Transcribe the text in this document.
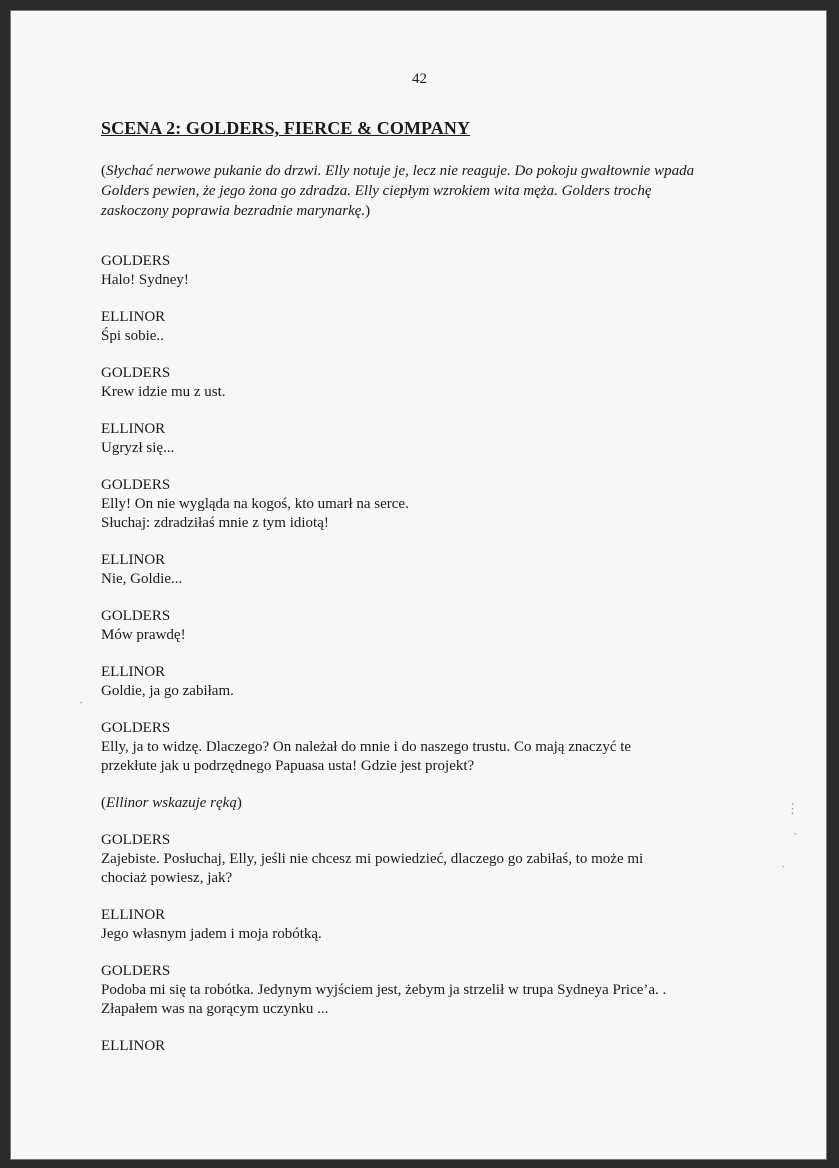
42
SCENA 2: GOLDERS, FIERCE & COMPANY
(Słychać nerwowe pukanie do drzwi. Elly notuje je, lecz nie reaguje. Do pokoju gwałtownie wpada Golders pewien, że jego żona go zdradza. Elly ciepłym wzrokiem wita męża. Golders trochę zaskoczony poprawia bezradnie marynarkę.)
GOLDERS
Halo! Sydney!
ELLINOR
Śpi sobie..
GOLDERS
Krew idzie mu z ust.
ELLINOR
Ugryzł się...
GOLDERS
Elly! On nie wygląda na kogoś, kto umarł na serce.
Słuchaj: zdradziłaś mnie z tym idiotą!
ELLINOR
Nie, Goldie...
GOLDERS
Mów prawdę!
ELLINOR
Goldie, ja go zabiłam.
GOLDERS
Elly, ja to widzę. Dlaczego? On należał do mnie i do naszego trustu. Co mają znaczyć te
przekłute jak u podrzędnego Papuasa usta! Gdzie jest projekt?
(Ellinor wskazuje ręką)
GOLDERS
Zajebiste. Posłuchaj, Elly, jeśli nie chcesz mi powiedzieć, dlaczego go zabiłaś, to może mi
chociaż powiesz, jak?
ELLINOR
Jego własnym jadem i moja robótką.
GOLDERS
Podoba mi się ta robótka. Jedynym wyjściem jest, żebym ja strzelił w trupa Sydneya Price’a. .
Złapałem was na gorącym uczynku ...
ELLINOR
⋮
·
·
·
